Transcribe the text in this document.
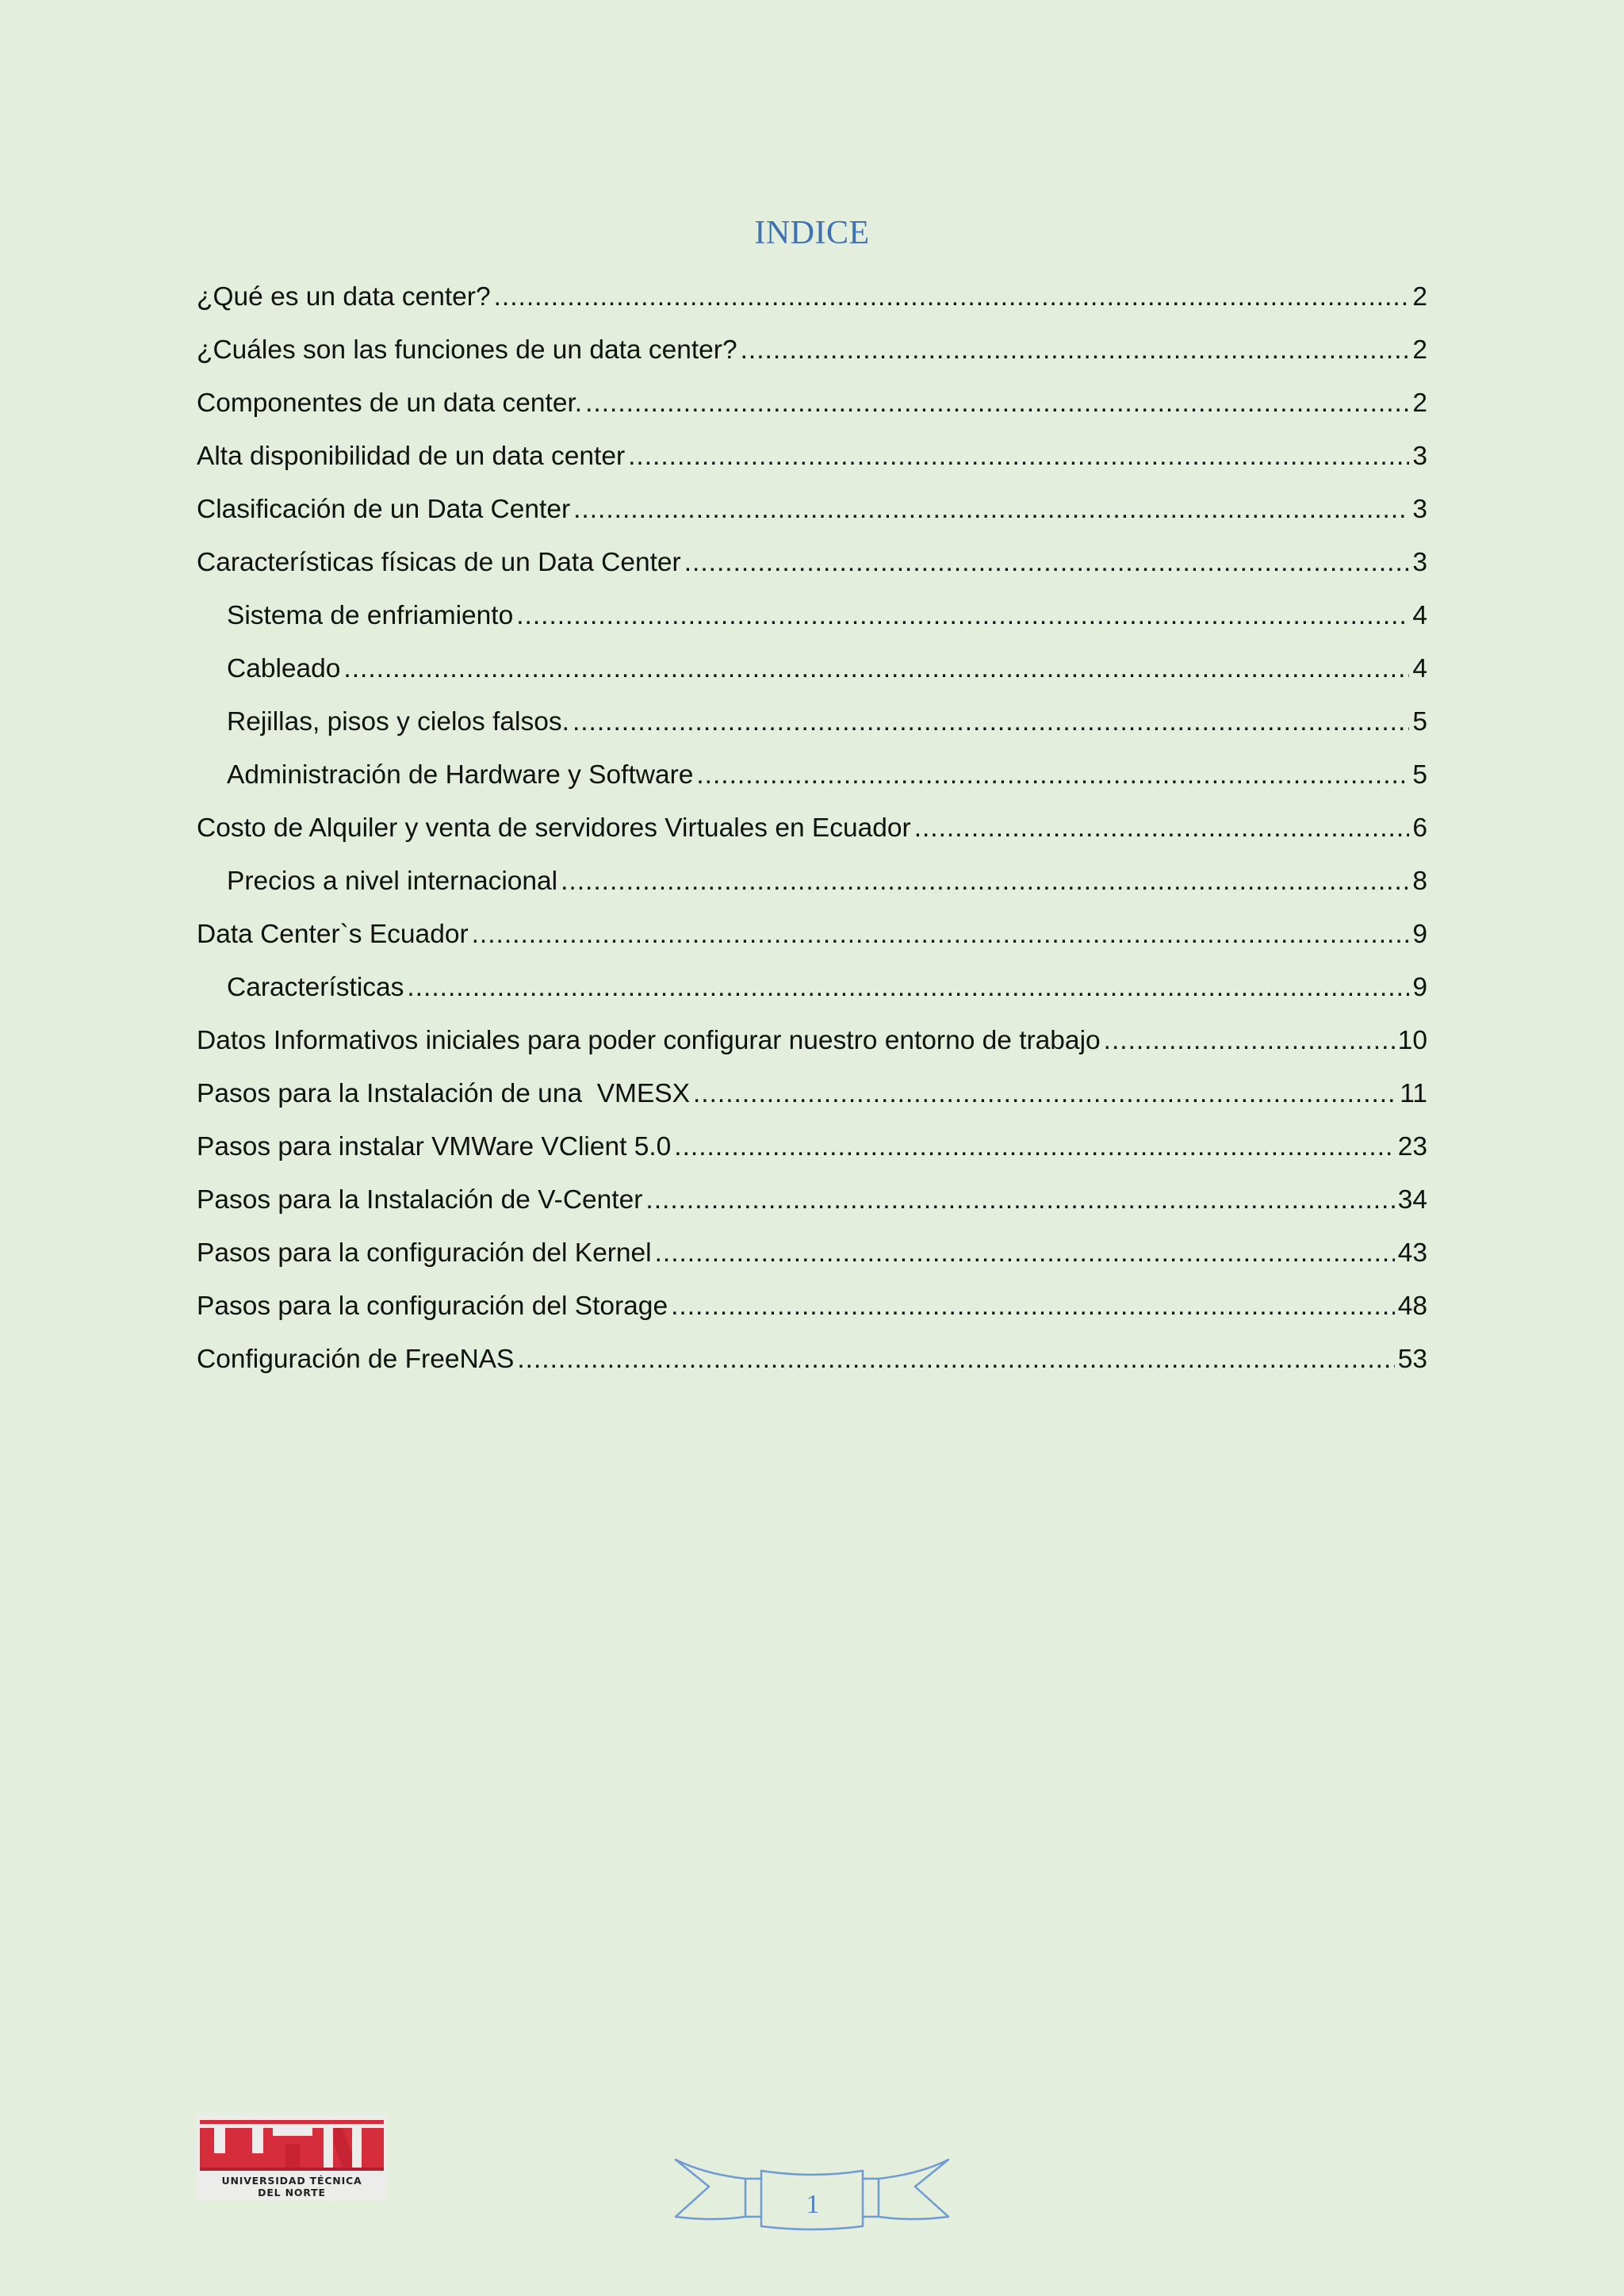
INDICE
¿Qué es un data center? .....	2
¿Cuáles son las funciones de un data center? .....	2
Componentes de un data center. .....	2
Alta disponibilidad de un data center .....	3
Clasificación de un Data Center .....	3
Características físicas de un Data Center .....	3
Sistema de enfriamiento .....	4
Cableado .....	4
Rejillas, pisos y cielos falsos. .....	5
Administración de Hardware y Software .....	5
Costo de Alquiler y venta de servidores Virtuales en Ecuador .....	6
Precios a nivel internacional .....	8
Data Center`s Ecuador .....	9
Características .....	9
Datos Informativos iniciales para poder configurar nuestro entorno de trabajo .....	10
Pasos para la Instalación de una  VMESX .....	11
Pasos para instalar VMWare VClient 5.0 .....	23
Pasos para la Instalación de V-Center .....	34
Pasos para la configuración del Kernel .....	43
Pasos para la configuración del Storage .....	48
Configuración de FreeNAS .....	53
UNIVERSIDAD TÉCNICA
DEL NORTE	1
